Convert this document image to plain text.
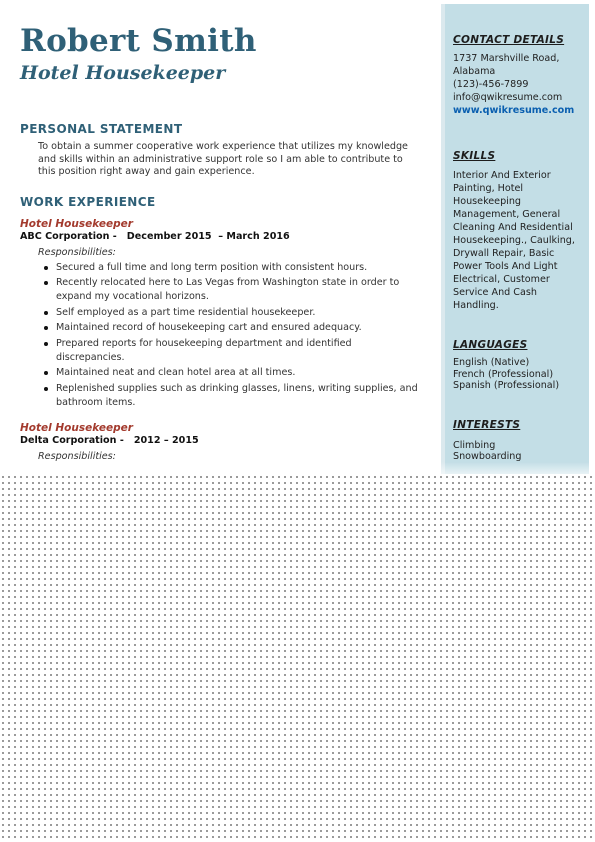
Robert Smith
Hotel Housekeeper
PERSONAL STATEMENT
To obtain a summer cooperative work experience that utilizes my knowledge and skills within an administrative support role so I am able to contribute to this position right away and gain experience.
WORK EXPERIENCE
Hotel Housekeeper
ABC Corporation -   December 2015  – March 2016
Responsibilities:
Secured a full time and long term position with consistent hours.
Recently relocated here to Las Vegas from Washington state in order to expand my vocational horizons.
Self employed as a part time residential housekeeper.
Maintained record of housekeeping cart and ensured adequacy.
Prepared reports for housekeeping department and identified discrepancies.
Maintained neat and clean hotel area at all times.
Replenished supplies such as drinking glasses, linens, writing supplies, and bathroom items.
Hotel Housekeeper
Delta Corporation -   2012 – 2015
Responsibilities:
CONTACT DETAILS
1737 Marshville Road, Alabama
(123)-456-7899
info@qwikresume.com
www.qwikresume.com
SKILLS
Interior And Exterior Painting, Hotel Housekeeping Management, General Cleaning And Residential Housekeeping., Caulking, Drywall Repair, Basic Power Tools And Light Electrical, Customer Service And Cash Handling.
LANGUAGES
English (Native)
French (Professional)
Spanish (Professional)
INTERESTS
Climbing
Snowboarding
